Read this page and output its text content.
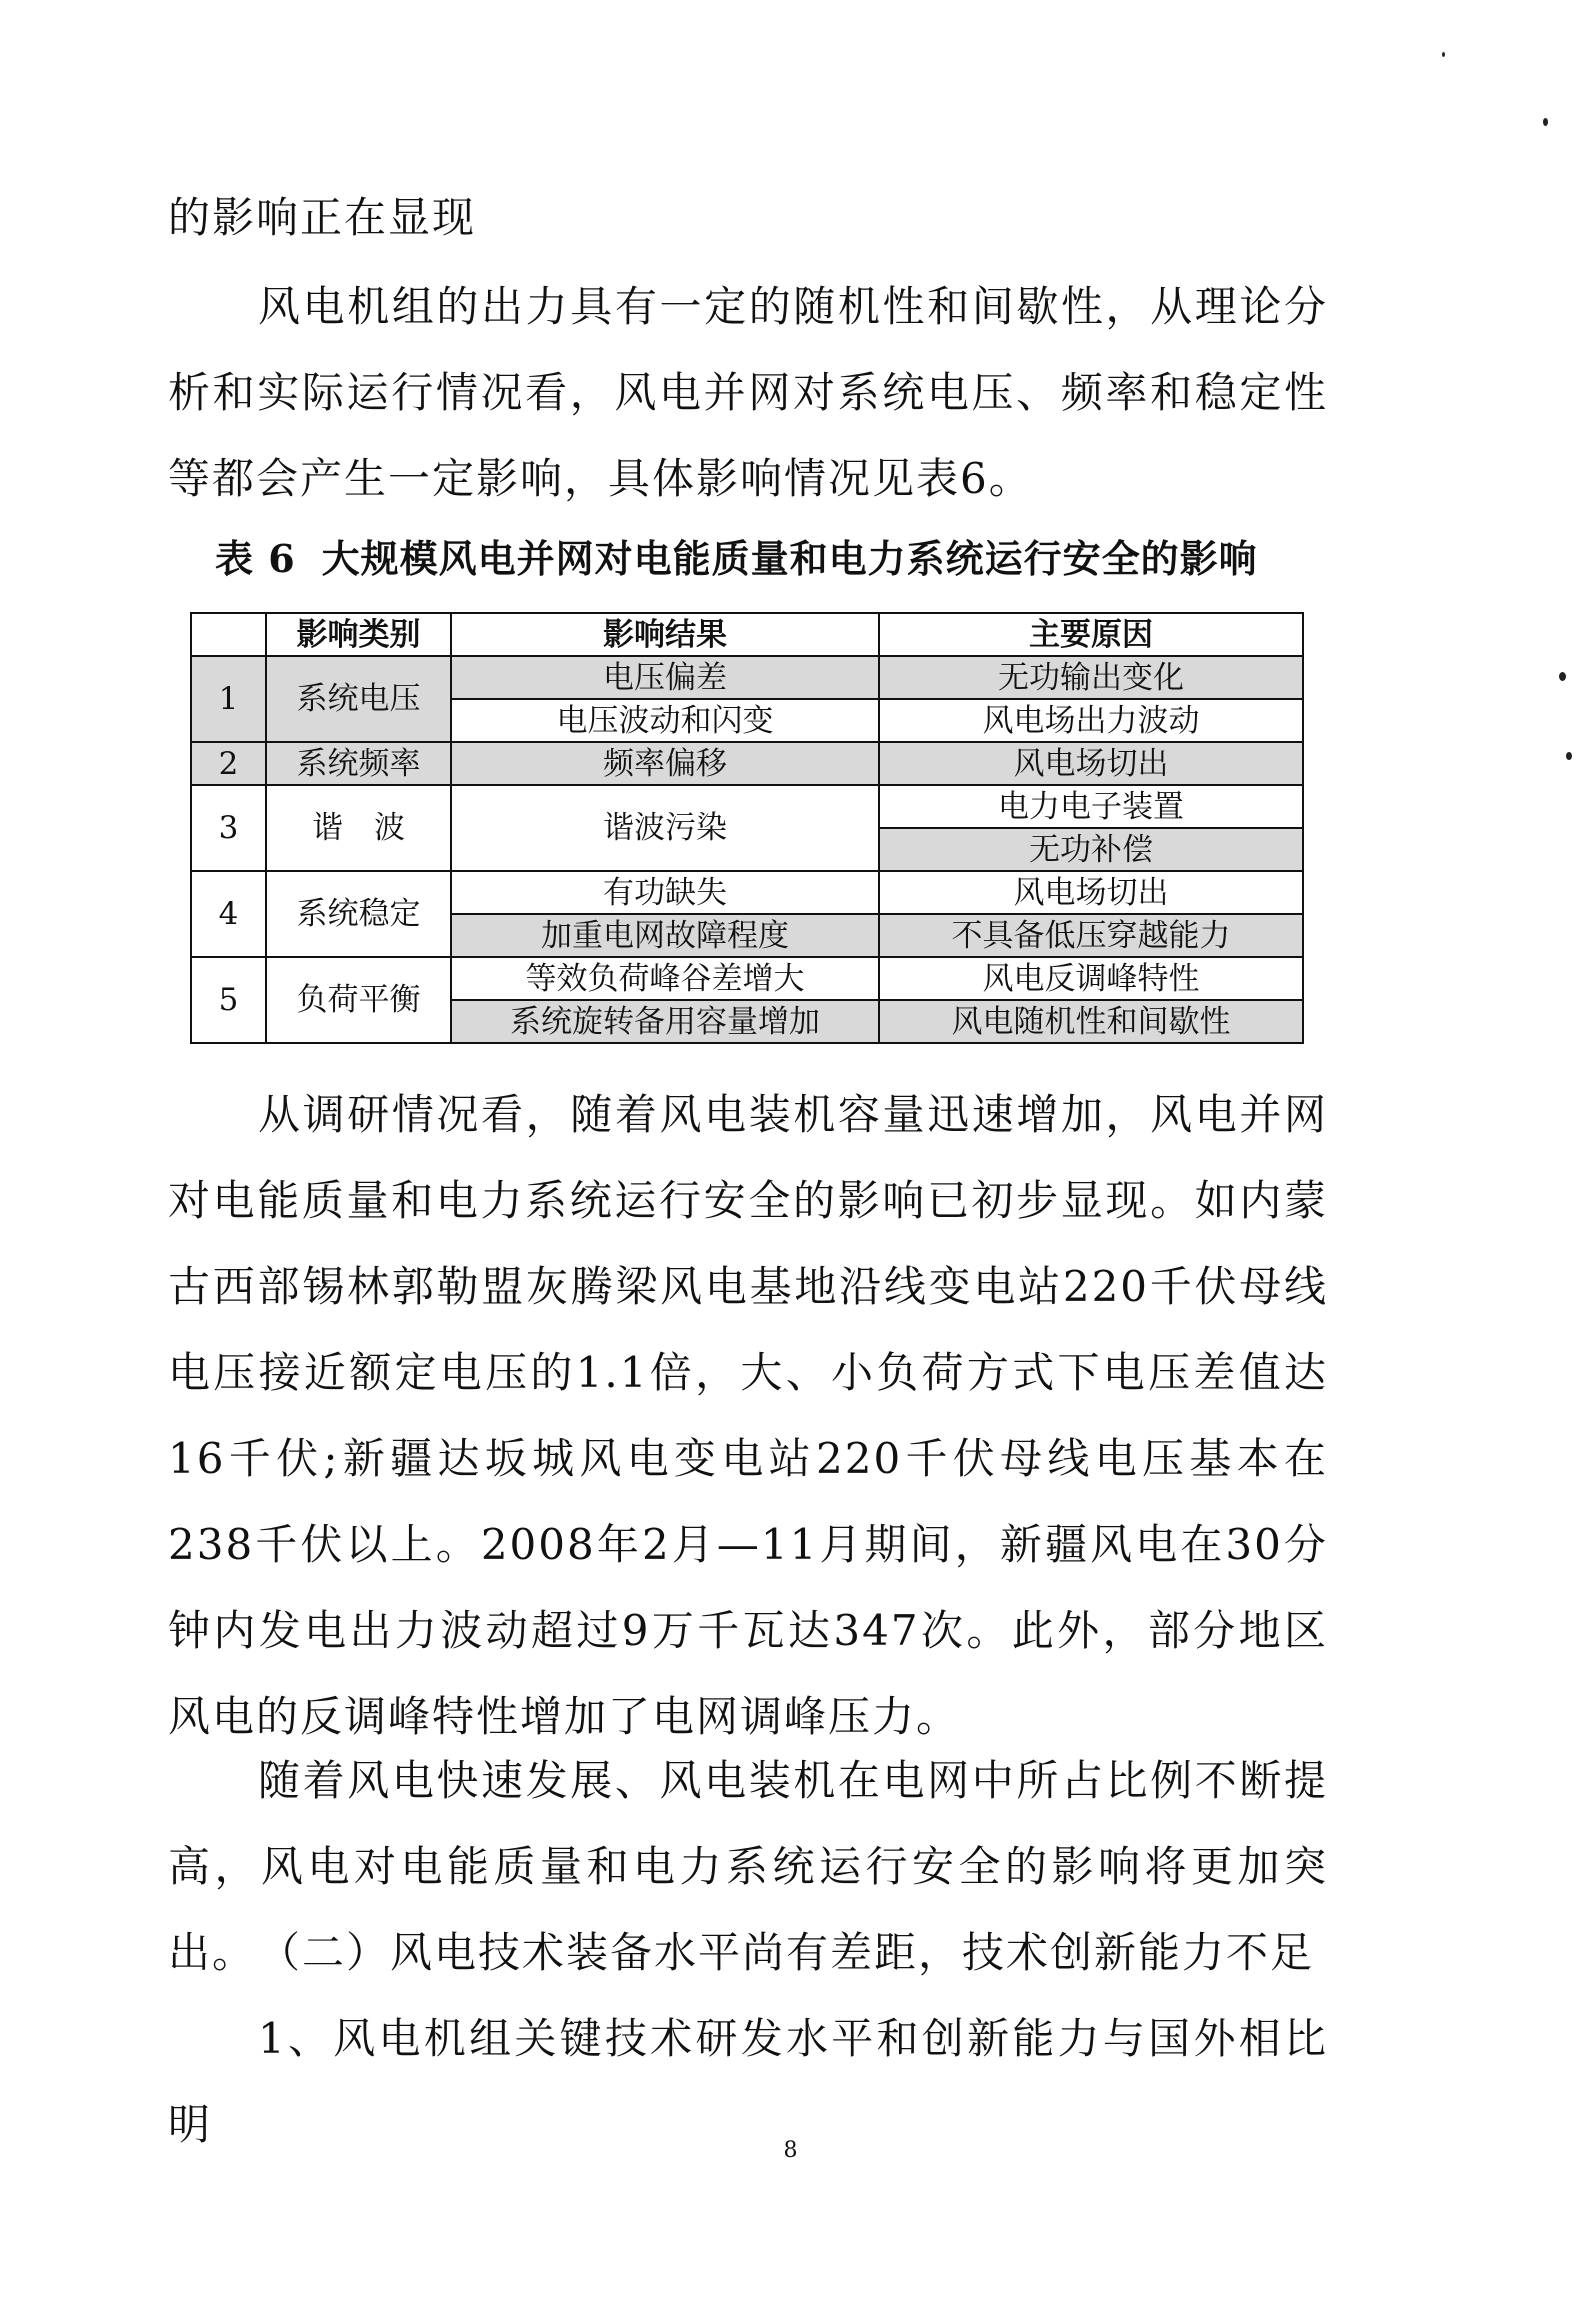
的影响正在显现

风电机组的出力具有一定的随机性和间歇性，从理论分析和实际运行情况看，风电并网对系统电压、频率和稳定性等都会产生一定影响，具体影响情况见表6。

表 6 大规模风电并网对电能质量和电力系统运行安全的影响

	影响类别	影响结果	主要原因
1	系统电压	电压偏差	无功输出变化
		电压波动和闪变	风电场出力波动
2	系统频率	频率偏移	风电场切出
3	谐　波	谐波污染	电力电子装置
			无功补偿
4	系统稳定	有功缺失	风电场切出
		加重电网故障程度	不具备低压穿越能力
5	负荷平衡	等效负荷峰谷差增大	风电反调峰特性
		系统旋转备用容量增加	风电随机性和间歇性

从调研情况看，随着风电装机容量迅速增加，风电并网对电能质量和电力系统运行安全的影响已初步显现。如内蒙古西部锡林郭勒盟灰腾梁风电基地沿线变电站220千伏母线电压接近额定电压的1.1倍，大、小负荷方式下电压差值达16千伏;新疆达坂城风电变电站220千伏母线电压基本在238千伏以上。2008年2月—11月期间，新疆风电在30分钟内发电出力波动超过9万千瓦达347次。此外，部分地区风电的反调峰特性增加了电网调峰压力。

随着风电快速发展、风电装机在电网中所占比例不断提高，风电对电能质量和电力系统运行安全的影响将更加突出。 （二）风电技术装备水平尚有差距，技术创新能力不足

1、风电机组关键技术研发水平和创新能力与国外相比明

8
